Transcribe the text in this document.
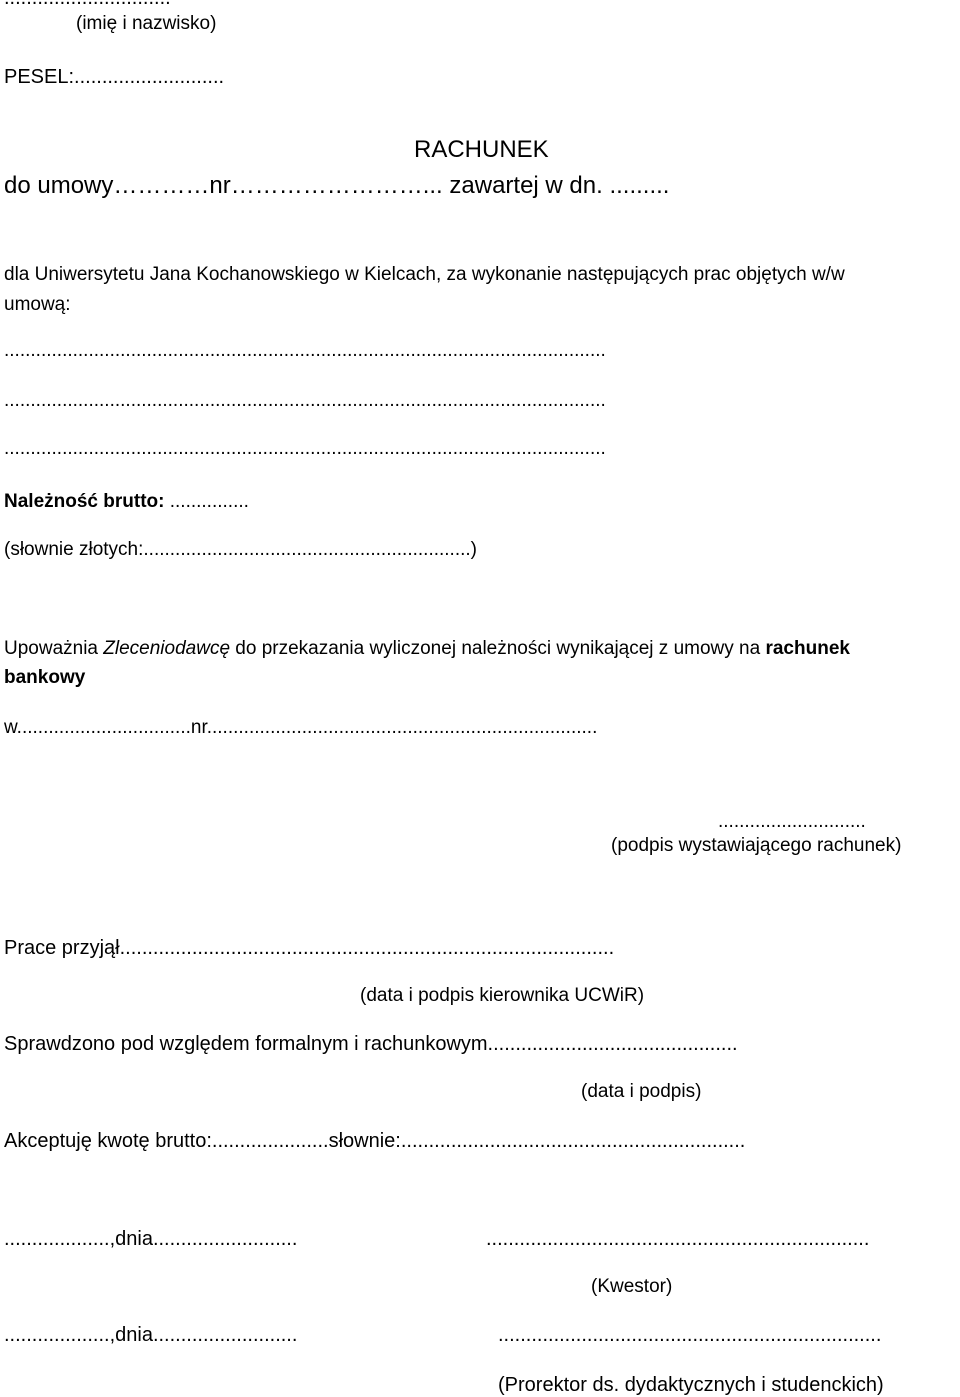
(imię i nazwisko)
PESEL:...........................
RACHUNEK
do umowy…………nr……………………... zawartej w dn. .........
dla Uniwersytetu Jana Kochanowskiego w Kielcach, za wykonanie następujących prac objętych w/w
umową:
..................................................................................................................
..................................................................................................................
..................................................................................................................
Należność brutto: ...............
(słownie złotych:..............................................................)
Upoważnia Zleceniodawcę do przekazania wyliczonej należności wynikającej z umowy na rachunek
bankowy
w.................................nr..........................................................................
............................
(podpis wystawiającego rachunek)
Prace przyjął.........................................................................................
(data i podpis kierownika UCWiR)
Sprawdzono pod względem formalnym i rachunkowym.............................................
(data i podpis)
Akceptuję kwotę brutto:.....................słownie:..............................................................
...................,dnia..........................	.....................................................................
(Kwestor)
...................,dnia..........................	.....................................................................
(Prorektor ds. dydaktycznych i studenckich)
